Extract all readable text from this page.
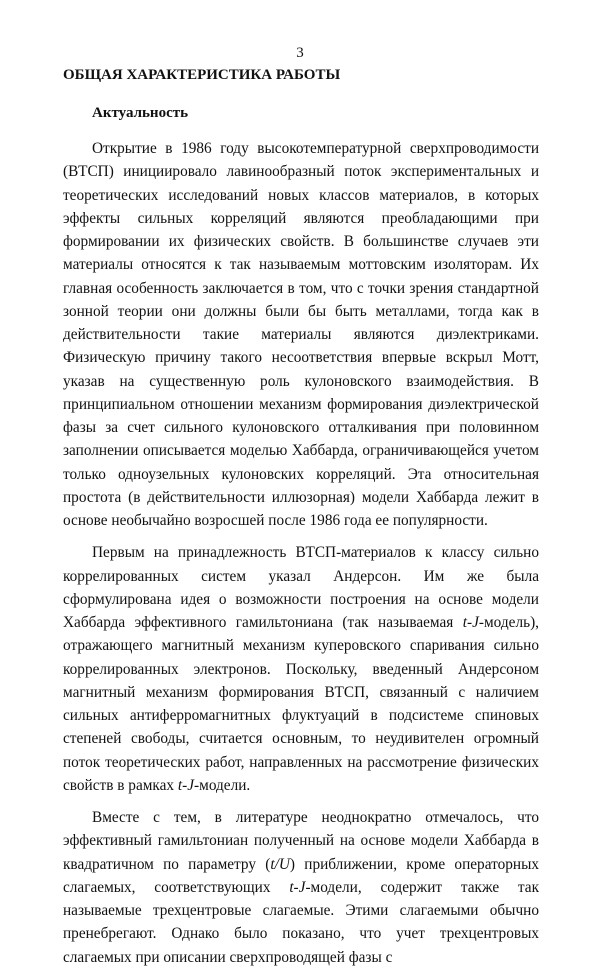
3
ОБЩАЯ ХАРАКТЕРИСТИКА РАБОТЫ
Актуальность

Открытие в 1986 году высокотемпературной сверхпроводимости (ВТСП) инициировало лавинообразный поток экспериментальных и теоретических исследований новых классов материалов, в которых эффекты сильных корреляций являются преобладающими при формировании их физических свойств. В большинстве случаев эти материалы относятся к так называемым моттовским изоляторам. Их главная особенность заключается в том, что с точки зрения стандартной зонной теории они должны были бы быть металлами, тогда как в действительности такие материалы являются диэлектриками. Физическую причину такого несоответствия впервые вскрыл Мотт, указав на существенную роль кулоновского взаимодействия. В принципиальном отношении механизм формирования диэлектрической фазы за счет сильного кулоновского отталкивания при половинном заполнении описывается моделью Хаббарда, ограничивающейся учетом только одноузельных кулоновских корреляций. Эта относительная простота (в действительности иллюзорная) модели Хаббарда лежит в основе необычайно возросшей после 1986 года ее популярности.

Первым на принадлежность ВТСП-материалов к классу сильно коррелированных систем указал Андерсон. Им же была сформулирована идея о возможности построения на основе модели Хаббарда эффективного гамильтониана (так называемая t-J-модель), отражающего магнитный механизм куперовского спаривания сильно коррелированных электронов. Поскольку, введенный Андерсоном магнитный механизм формирования ВТСП, связанный с наличием сильных антиферромагнитных флуктуаций в подсистеме спиновых степеней свободы, считается основным, то неудивителен огромный поток теоретических работ, направленных на рассмотрение физических свойств в рамках t-J-модели.

Вместе с тем, в литературе неоднократно отмечалось, что эффективный гамильтониан полученный на основе модели Хаббарда в квадратичном по параметру (t/U) приближении, кроме операторных слагаемых, соответствующих t-J-модели, содержит также так называемые трехцентровые слагаемые. Этими слагаемыми обычно пренебрегают. Однако было показано, что учет трехцентровых слагаемых при описании сверхпроводящей фазы с
